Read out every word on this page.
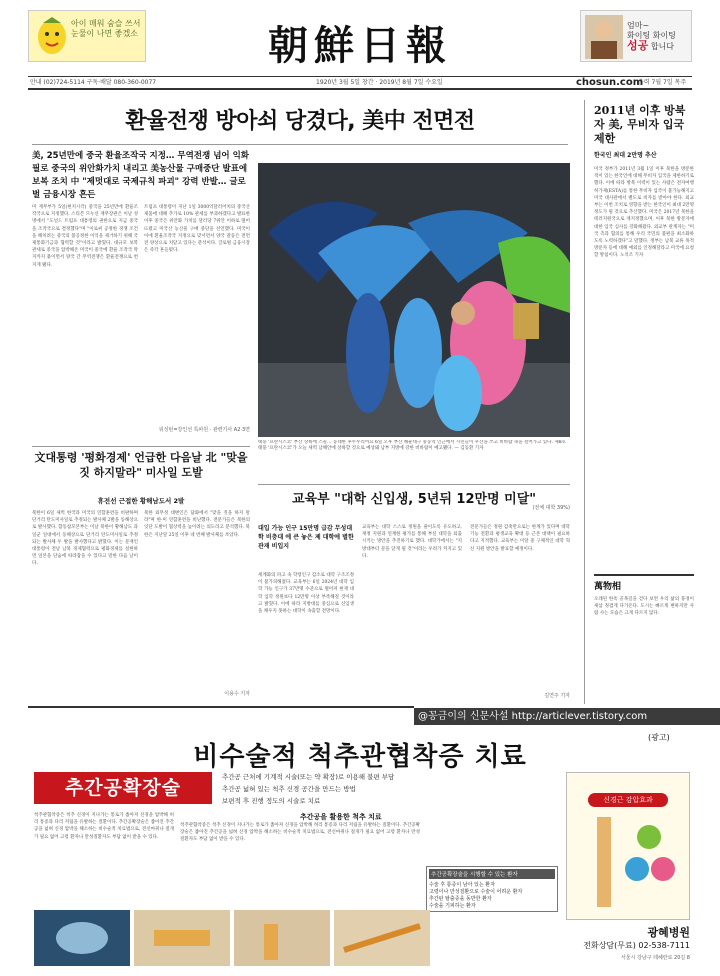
아이 매워 숨슬 쓰서
눈물이 나면 좋겠소	朝鮮日報	엄마~
화이팅 화이팅
성공 합니다
안내 (02)724-5114 구독·배달 080-360-0077	1920년 3월 5일 창간 · 2019년 8월 7일 수요일	chosun.com
음력 7월 7일 목주
환율전쟁 방아쇠 당겼다, 美中 전면전
美, 25년만에 중국 환율조작국 지정… 무역전쟁 넘어 익화필로 중국의 위안화가치 내리고 美농산물 구매중단 발표에 보복 조치 中 "제멋대로 국제규칙 파괴" 강력 반발… 글로벌 금융시장 흔든
미 재무부가 5일(현지시각) 중국을 25년만에 환율조작국으로 지정했다. 스티븐 므누신 재무장관은 이날 성명에서 "도널드 트럼프 대통령의 권한으로 지금 중국을 조작국으로 결정했다"며 "이로써 공정한 경쟁 조건을 해치려는 중국의 불공정한 이익을 제거하기 위해 국제통화기금과 협력할 것"이라고 밝혔다. 대규모 보복 관세로 중국을 압박해온 미국이 중국에 환율 조작국 딱지까지 붙이면서 양국 간 무역전쟁은 환율전쟁으로 번지게 됐다.
트럼프 대통령이 지난 1일 3000억달러어치의 중국산 제품에 대해 추가로 10% 관세를 부과하겠다고 발표한 이후 중국은 위안화 가치를 달러당 7위안 이하로 떨어뜨렸고 미국산 농산물 구매 중단을 선언했다. 미국이 이에 환율조작국 지정으로 맞서면서 양국 갈등은 전면전 양상으로 치닫고 있다는 분석이다. 글로벌 금융시장은 즉각 흔들렸다.
워싱턴=강인선 특파원 · 관련기사 A2·3면
태풍 '프란시스코' 부산 상륙에 스콜… 동네한 후두두리어요 6일 오후 부산 해운대구 중동역 인근에서 시민들이 우산을 쓰고 비바람 속을 걸어가고 있다. 제8호 태풍 '프란시스코'가 오늘 새벽 남해안에 상륙할 것으로 예상돼 남부 지방에 강한 비바람이 예고됐다. — 김동환 기자
文대통령 '평화경제' 언급한 다음날 北 "맞을 짓 하지말라" 미사일 도발
휴전선 근접한 황해남도서 2발
북한이 6일 새벽 한국과 미국의 연합훈련을 비판하며 단거리 탄도미사일로 추정되는 발사체 2발을 동해상으로 발사했다. 합동참모본부는 이날 북한이 황해남도 과일군 일대에서 동해상으로 단거리 탄도미사일로 추정되는 발사체 두 발을 발사했다고 밝혔다. 이는 문재인 대통령이 전날 남북 경제협력으로 평화경제를 실현하면 일본을 단숨에 따라잡을 수 있다고 말한 다음 날이다.
북한 외무성 대변인은 담화에서 "맞을 짓을 하지 말라"며 한·미 연합훈련을 비난했다. 전문가들은 북한의 잇단 도발이 협상력을 높이려는 의도라고 분석했다. 북한은 지난달 25일 이후 네 번째 발사체를 쏘았다.
이용수 기자
교육부 "대학 신입생, 5년뒤 12만명 미달"
(전체 대학 39%)
대입 가능 인구 15만명 급감 무성대학 비충대 에 큰 놓은 제 대학에 별한 관재 비입지
세계화의 파고 속 학령인구 감소로 대학 구조조정이 불가피해졌다. 교육부는 6일 2024년 대학 입학 가능 인구가 37만명 수준으로 떨어져 현재 대학 입학 정원보다 12만명 이상 부족해질 것이라고 밝혔다. 이에 따라 지방대를 중심으로 신입생을 채우지 못하는 대학이 속출할 전망이다.
교육부는 대학 스스로 정원을 줄이도록 유도하고, 재정 지원과 연계한 평가를 통해 부실 대학을 퇴출시키는 방안을 추진하기로 했다. 대학가에서는 "지방대부터 문을 닫게 될 것"이라는 우려가 커지고 있다.
전문가들은 정원 감축만으로는 한계가 있다며 대학 기능 전환과 평생교육 확대 등 근본 대책이 필요하다고 지적했다. 교육부는 이달 중 구체적인 대학 혁신 지원 방안을 발표할 예정이다.
김연주 기자
2011년 이후 방북자 美, 무비자 입국 제한
한국인 최대 2만명 추산
미국 정부가 2011년 3월 1일 이후 북한을 방문한 적이 있는 한국인에 대해 무비자 입국을 제한하기로 했다. 이에 따라 방북 이력이 있는 사람은 전자여행허가제(ESTA)를 통한 무비자 입국이 불가능해지고 미국 대사관에서 별도로 비자를 받아야 한다. 외교부는 이번 조치로 영향을 받는 한국인이 최대 2만명 정도가 될 것으로 추산했다. 미국은 2017년 북한을 테러지원국으로 재지정했으며, 이후 북한 방문자에 대한 입국 심사를 강화해왔다. 외교부 관계자는 "미국 측과 협의를 통해 우리 국민의 불편을 최소화하도록 노력하겠다"고 말했다. 정부는 남북 교류 목적 방문자 등에 대해 예외를 인정해달라고 미국에 요청할 방침이다. 노석조 기자
萬物相
오래된 한옥 골목길을 걷다 보면 우리 삶의 풍경이 새삼 정겹게 다가온다. 도시는 빠르게 변하지만 사람 사는 모습은 크게 다르지 않다.
@꽁금이의 신문사설 http://articlever.tistory.com
(광고)
비수술적 척추관협착증 치료
추간공확장술	추간공 근처에 기계적 시술(또는 약 확장)로 이용해 불편 부담
추간공 넓혀 있는 척추 신경 공간을 만드는 방법
보편적 후 진행 정도의 시술로 치료
척추관협착증은 척추 신경이 지나가는 통로가 좁아져 신경을 압박해 허리 통증과 다리 저림을 유발하는 질환이다. 추간공확장술은 좁아진 추간공을 넓혀 신경 압박을 해소하는 비수술적 치료법으로, 전신마취나 절개가 필요 없어 고령 환자나 만성질환자도 부담 없이 받을 수 있다.
추간공을 활용한 척추 치료
척추관협착증은 척추 신경이 지나가는 통로가 좁아져 신경을 압박해 허리 통증과 다리 저림을 유발하는 질환이다. 추간공확장술은 좁아진 추간공을 넓혀 신경 압박을 해소하는 비수술적 치료법으로, 전신마취나 절개가 필요 없어 고령 환자나 만성질환자도 부담 없이 받을 수 있다.
추간공확장술을 시행할 수 있는 환자
수술 후 통증이 남아 있는 환자
고령이나 만성질환으로 수술이 어려운 환자
추간판 탈출증을 동반한 환자
수술을 기피하는 환자
신경근 감압효과
광혜병원
전화상담(무료) 02-538-7111
서울시 강남구 테헤란로 20길 8
